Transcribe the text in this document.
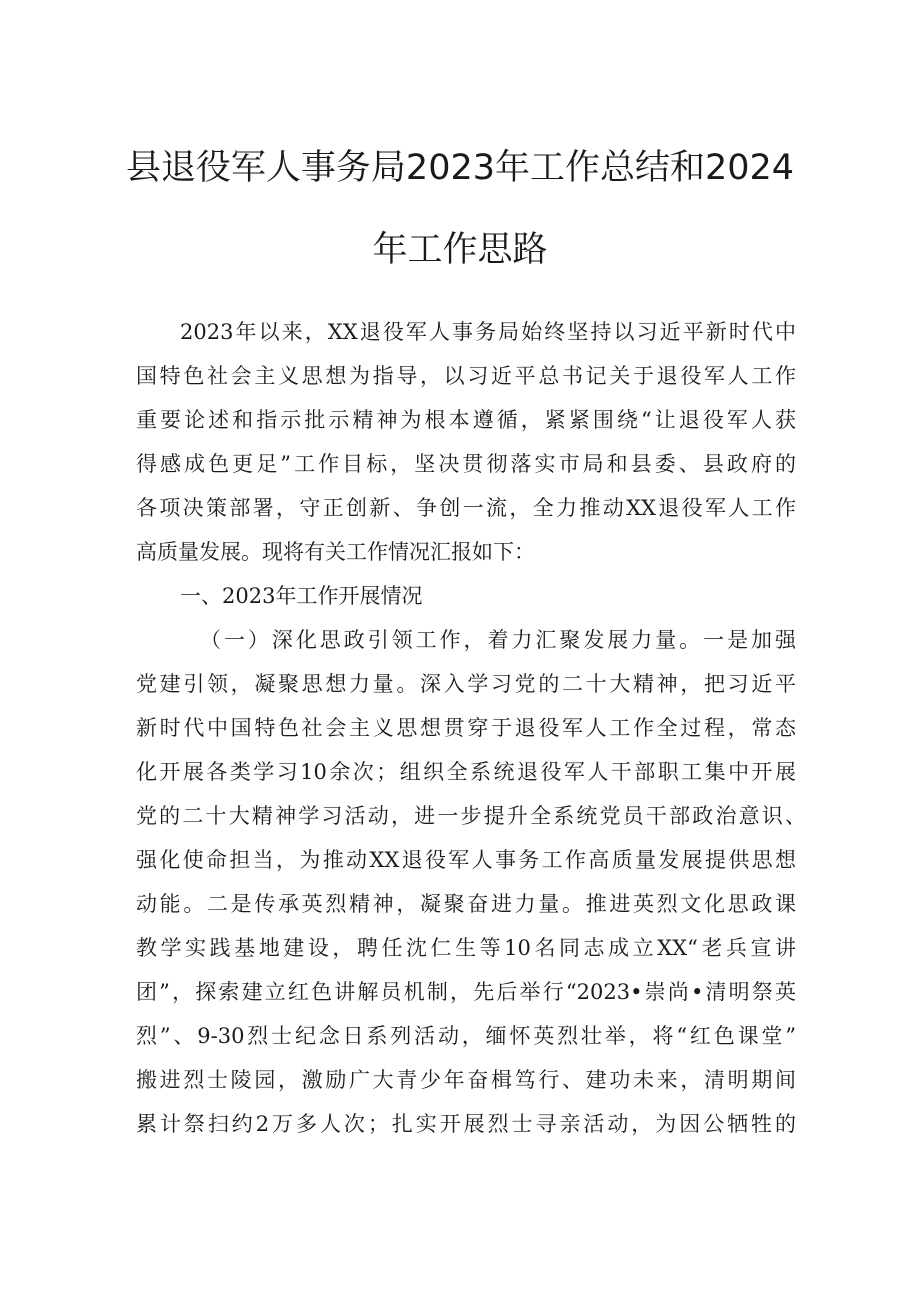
县退役军人事务局2023年工作总结和2024
年工作思路
2023年以来，XX退役军人事务局始终坚持以习近平新时代中
国特色社会主义思想为指导，以习近平总书记关于退役军人工作
重要论述和指示批示精神为根本遵循，紧紧围绕“让退役军人获
得感成色更足”工作目标，坚决贯彻落实市局和县委、县政府的
各项决策部署，守正创新、争创一流，全力推动XX退役军人工作
高质量发展。现将有关工作情况汇报如下：
一、2023年工作开展情况
（一）深化思政引领工作，着力汇聚发展力量。一是加强
党建引领，凝聚思想力量。深入学习党的二十大精神，把习近平
新时代中国特色社会主义思想贯穿于退役军人工作全过程，常态
化开展各类学习10余次；组织全系统退役军人干部职工集中开展
党的二十大精神学习活动，进一步提升全系统党员干部政治意识、
强化使命担当，为推动XX退役军人事务工作高质量发展提供思想
动能。二是传承英烈精神，凝聚奋进力量。推进英烈文化思政课
教学实践基地建设，聘任沈仁生等10名同志成立XX“老兵宣讲
团”，探索建立红色讲解员机制，先后举行“2023•崇尚•清明祭英
烈”、9-30烈士纪念日系列活动，缅怀英烈壮举，将“红色课堂”
搬进烈士陵园，激励广大青少年奋楫笃行、建功未来，清明期间
累计祭扫约2万多人次；扎实开展烈士寻亲活动，为因公牺牲的
